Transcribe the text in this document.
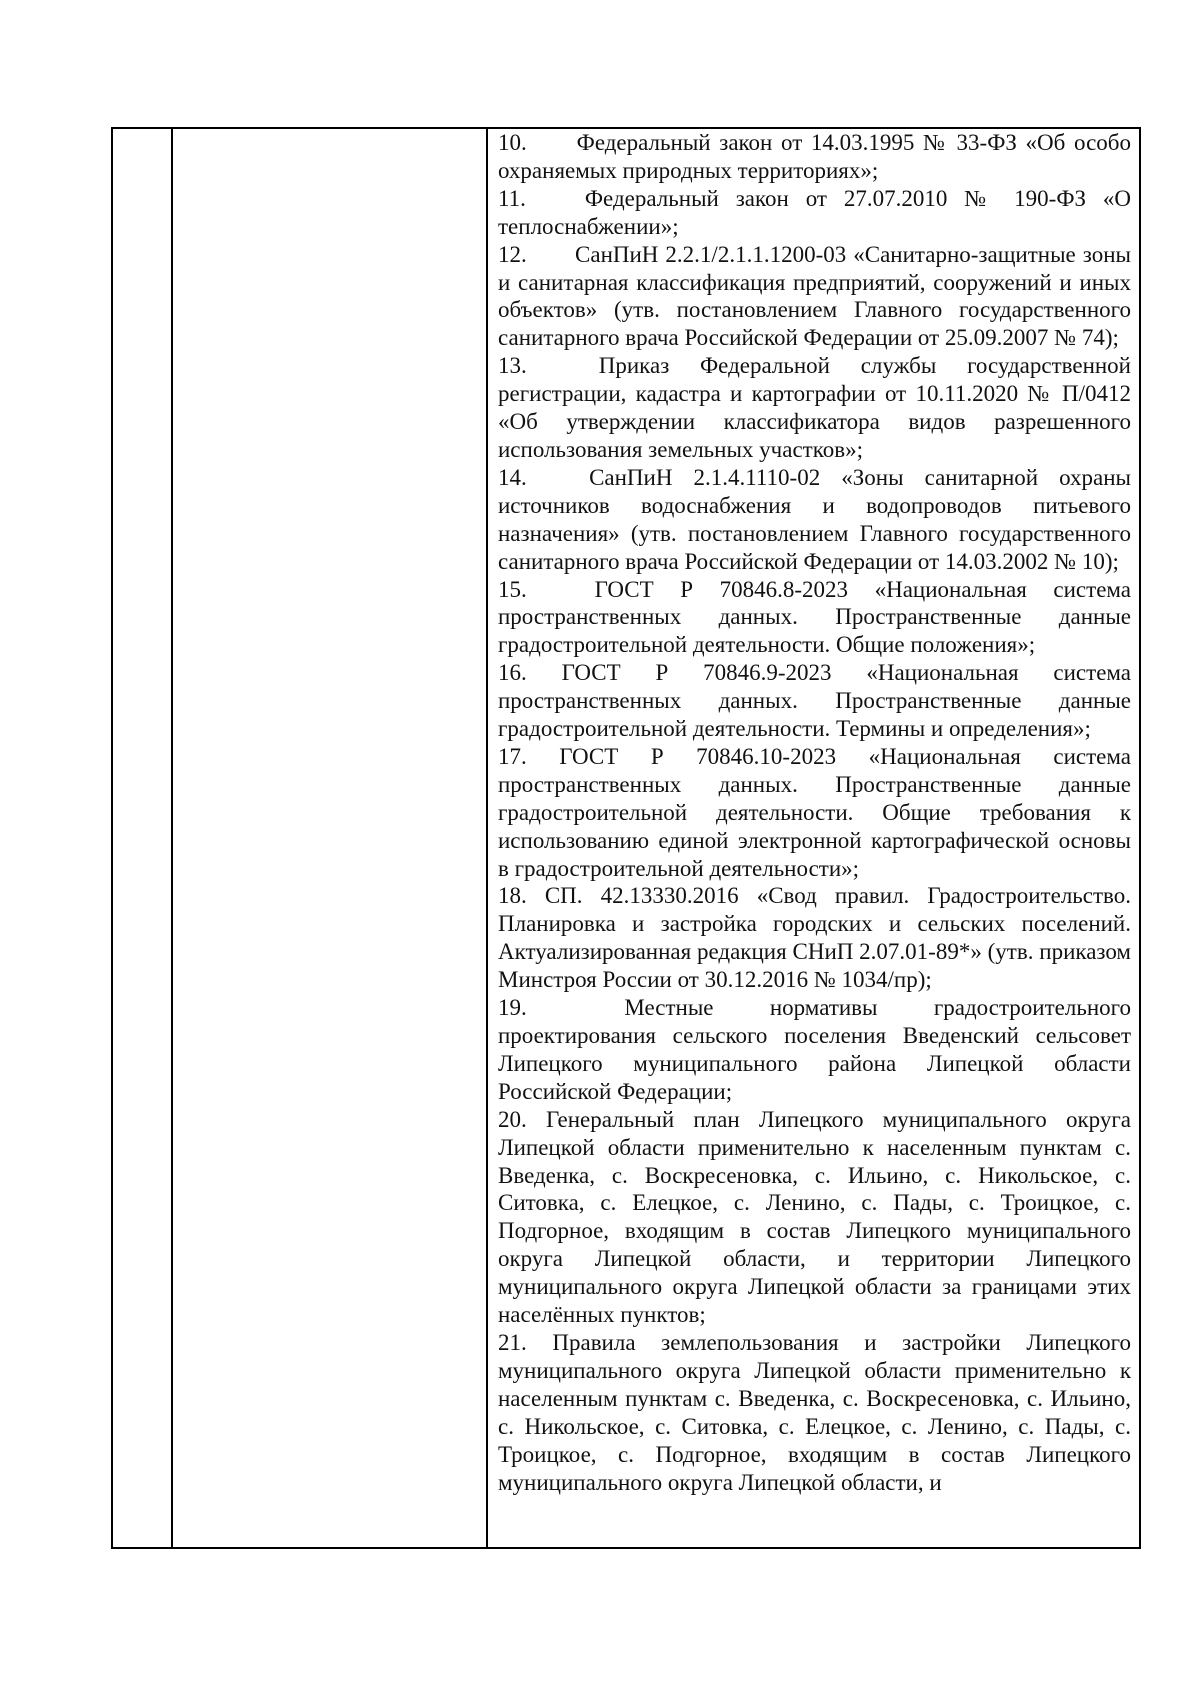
10. Федеральный закон от 14.03.1995 № 33-ФЗ «Об особо охраняемых природных территориях»;

11.	Федеральный закон от 27.07.2010 № 190-ФЗ «О теплоснабжении»;

12. СанПиН 2.2.1/2.1.1.1200-03 «Санитарно-защитные зоны и санитарная классификация предприятий, сооружений и иных объектов» (утв. постановлением Главного государственного санитарного врача Российской Федерации от 25.09.2007 № 74);

13.	Приказ Федеральной службы государственной регистрации, кадастра и картографии от 10.11.2020 № П/0412 «Об утверждении классификатора видов разрешенного использования земельных участков»;

14.	СанПиН 2.1.4.1110-02 «Зоны санитарной охраны источников водоснабжения и водопроводов питьевого назначения» (утв. постановлением Главного государственного санитарного врача Российской Федерации от 14.03.2002 № 10);

15.	ГОСТ Р 70846.8-2023 «Национальная система пространственных данных. Пространственные данные градостроительной деятельности. Общие положения»;

16. ГОСТ Р 70846.9-2023 «Национальная система пространственных данных. Пространственные данные градостроительной деятельности. Термины и определения»;

17. ГОСТ Р 70846.10-2023 «Национальная система пространственных данных. Пространственные данные градостроительной деятельности. Общие требования к использованию единой электронной картографической основы в градостроительной деятельности»;

18. СП. 42.13330.2016 «Свод правил. Градостроительство. Планировка и застройка городских и сельских поселений. Актуализированная редакция СНиП 2.07.01-89*» (утв. приказом Минстроя России от 30.12.2016 № 1034/пр);

19.	Местные нормативы градостроительного проектирования сельского поселения Введенский сельсовет Липецкого муниципального района Липецкой области Российской Федерации;

20. Генеральный план Липецкого муниципального округа Липецкой области применительно к населенным пунктам с. Введенка, с. Воскресеновка, с. Ильино, с. Никольское, с. Ситовка, с. Елецкое, с. Ленино, с. Пады, с. Троицкое, с. Подгорное, входящим в состав Липецкого муниципального округа Липецкой области, и территории Липецкого муниципального округа Липецкой области за границами этих населённых пунктов;

21. Правила землепользования и застройки Липецкого муниципального округа Липецкой области применительно к населенным пунктам с. Введенка, с. Воскресеновка, с. Ильино, с. Никольское, с. Ситовка, с. Елецкое, с. Ленино, с. Пады, с. Троицкое, с. Подгорное, входящим в состав Липецкого муниципального округа Липецкой области, и
